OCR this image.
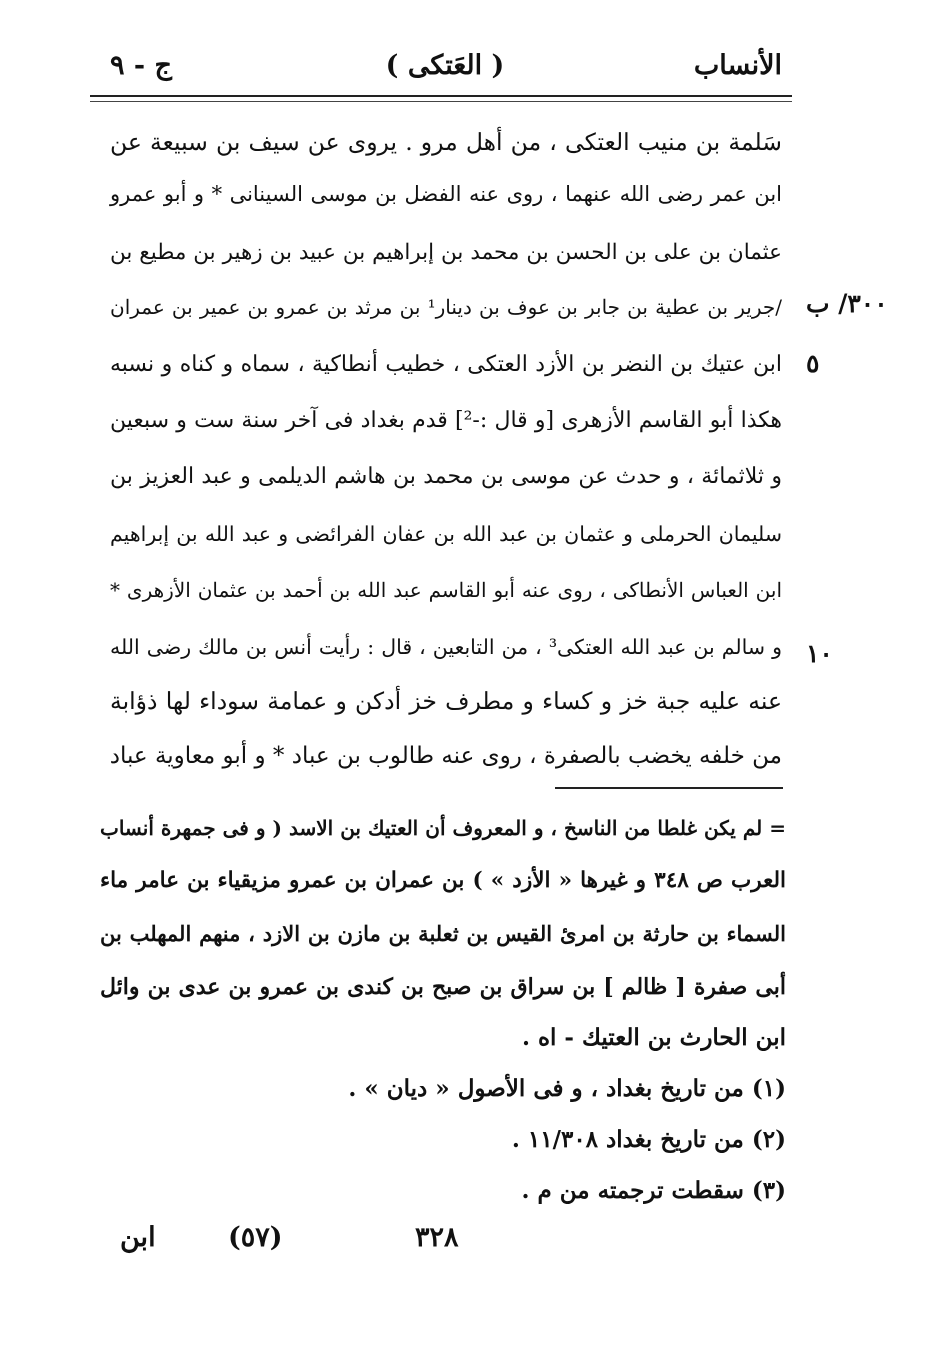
الأنساب
( العَتكى )
ج - ٩
٣٠٠/ ب
٥
١٠
سَلمة بن منيب العتكى ، من أهل مرو . يروى عن سيف بن سبيعة عن
ابن عمر رضى الله عنهما ، روى عنه الفضل بن موسى السينانى * و أبو عمرو
عثمان بن على بن الحسن بن محمد بن إبراهيم بن عبيد بن زهير بن مطيع بن
/جرير بن عطية بن جابر بن عوف بن دينار¹ بن مرثد بن عمرو بن عمير بن عمران
ابن عتيك بن النضر بن الأزد العتكى ، خطيب أنطاكية ، سماه و كناه و نسبه
هكذا أبو القاسم الأزهرى [و قال :-²] قدم بغداد فى آخر سنة ست و سبعين
و ثلاثمائة ، و حدث عن موسى بن محمد بن هاشم الديلمى و عبد العزيز بن
سليمان الحرملى و عثمان بن عبد الله بن عفان الفرائضى و عبد الله بن إبراهيم
ابن العباس الأنطاكى ، روى عنه أبو القاسم عبد الله بن أحمد بن عثمان الأزهرى *
و سالم بن عبد الله العتكى³ ، من التابعين ، قال : رأيت أنس بن مالك رضى الله
عنه عليه جبة خز و كساء و مطرف خز أدكن و عمامة سوداء لها ذؤابة
من خلفه يخضب بالصفرة ، روى عنه طالوب بن عباد * و أبو معاوية عباد
= لم يكن غلطا من الناسخ ، و المعروف أن العتيك بن الاسد ( و فى جمهرة أنساب
العرب ص ٣٤٨ و غيرها « الأزد » ) بن عمران بن عمرو مزيقياء بن عامر ماء
السماء بن حارثة بن امرئ القيس بن ثعلبة بن مازن بن الازد ، منهم المهلب بن
أبى صفرة [ ظالم ] بن سراق بن صبح بن كندى بن عمرو بن عدى بن وائل
ابن الحارث بن العتيك - اه .
(١) من تاريخ بغداد ، و فى الأصول « ديان » .
(٢) من تاريخ بغداد ١١/٣٠٨ .
(٣) سقطت ترجمته من م .
٣٢٨
(٥٧)
ابن
